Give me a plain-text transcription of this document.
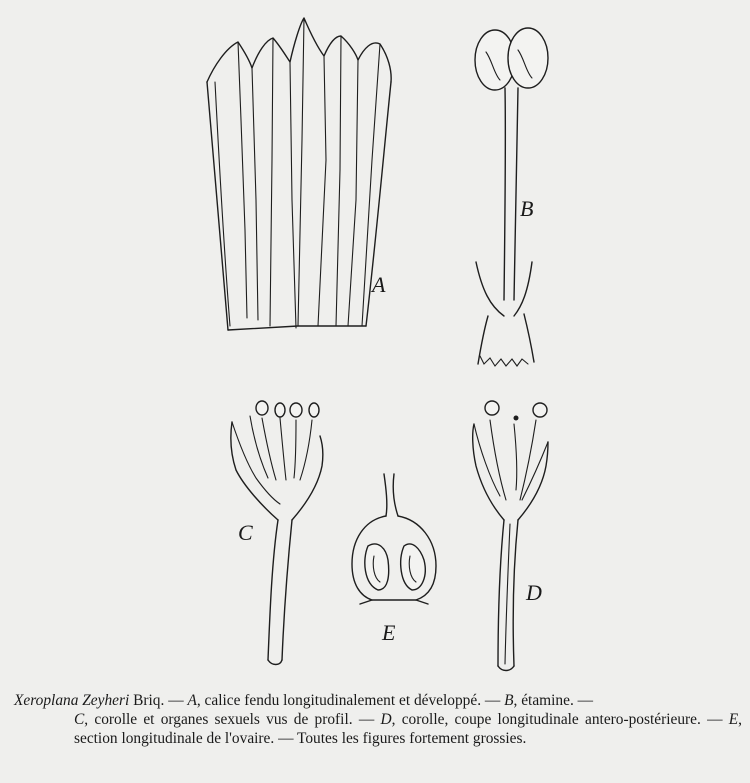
A
B
C
E
D
Xeroplana Zeyheri Briq. — A, calice fendu longitudinalement et développé. — B, étamine. —
C, corolle et organes sexuels vus de profil. — D, corolle, coupe longitudinale antero-postérieure. — E, section longitudinale de l'ovaire. — Toutes les figures fortement grossies.
